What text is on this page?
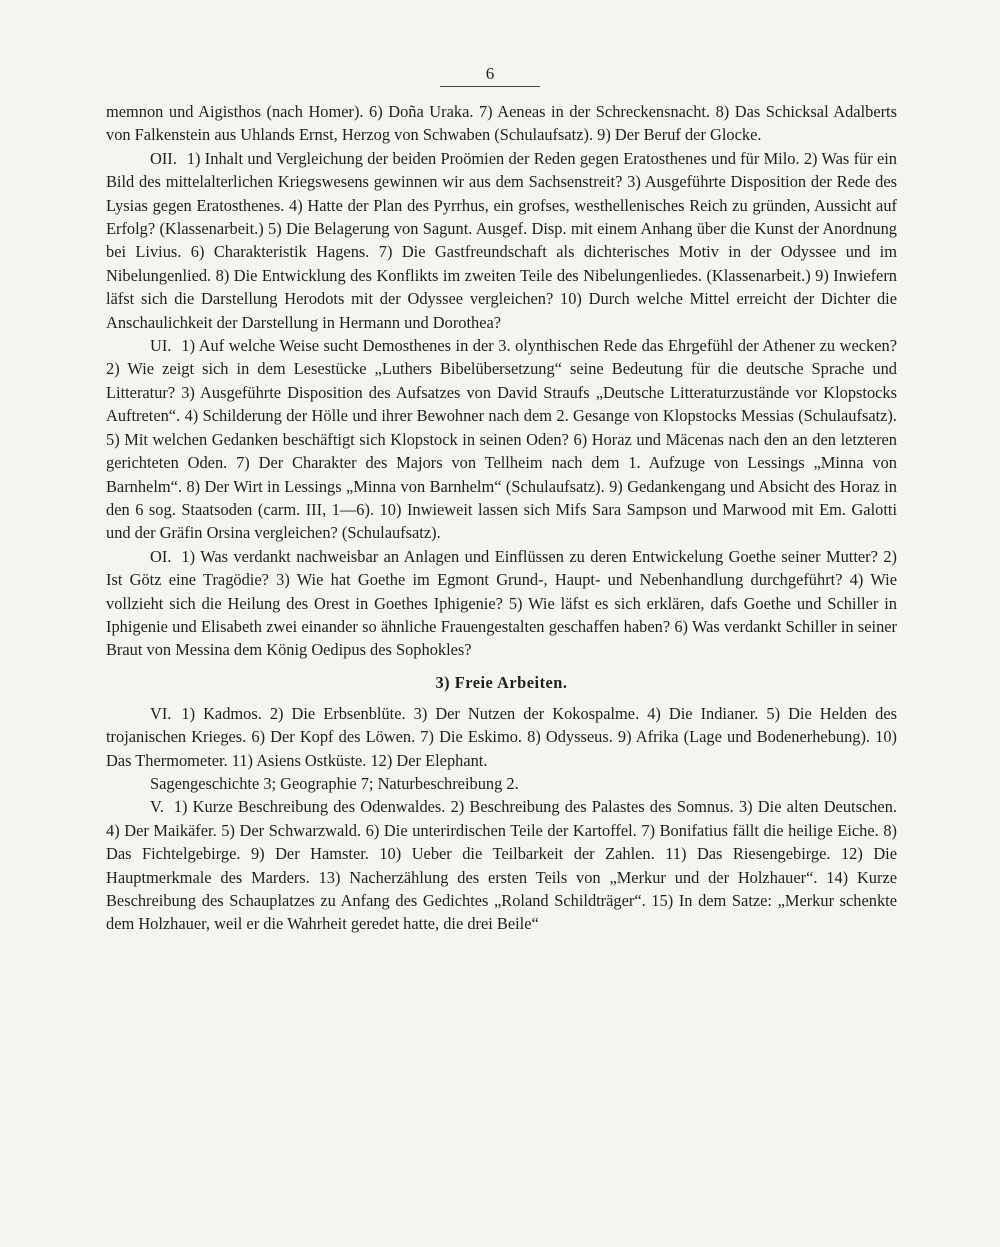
6

memnon und Aigisthos (nach Homer). 6) Doña Uraka. 7) Aeneas in der Schreckensnacht. 8) Das Schicksal Adalberts von Falkenstein aus Uhlands Ernst, Herzog von Schwaben (Schulaufsatz). 9) Der Beruf der Glocke.

OII. 1) Inhalt und Vergleichung der beiden Proömien der Reden gegen Eratosthenes und für Milo. 2) Was für ein Bild des mittelalterlichen Kriegswesens gewinnen wir aus dem Sachsenstreit? 3) Ausgeführte Disposition der Rede des Lysias gegen Eratosthenes. 4) Hatte der Plan des Pyrrhus, ein grofses, westhellenisches Reich zu gründen, Aussicht auf Erfolg? (Klassenarbeit.) 5) Die Belagerung von Sagunt. Ausgef. Disp. mit einem Anhang über die Kunst der Anordnung bei Livius. 6) Charakteristik Hagens. 7) Die Gastfreundschaft als dichterisches Motiv in der Odyssee und im Nibelungenlied. 8) Die Entwicklung des Konflikts im zweiten Teile des Nibelungenliedes. (Klassenarbeit.) 9) Inwiefern läfst sich die Darstellung Herodots mit der Odyssee vergleichen? 10) Durch welche Mittel erreicht der Dichter die Anschaulichkeit der Darstellung in Hermann und Dorothea?

UI. 1) Auf welche Weise sucht Demosthenes in der 3. olynthischen Rede das Ehrgefühl der Athener zu wecken? 2) Wie zeigt sich in dem Lesestücke „Luthers Bibelübersetzung“ seine Bedeutung für die deutsche Sprache und Litteratur? 3) Ausgeführte Disposition des Aufsatzes von David Straufs „Deutsche Litteraturzustände vor Klopstocks Auftreten“. 4) Schilderung der Hölle und ihrer Bewohner nach dem 2. Gesange von Klopstocks Messias (Schulaufsatz). 5) Mit welchen Gedanken beschäftigt sich Klopstock in seinen Oden? 6) Horaz und Mäcenas nach den an den letzteren gerichteten Oden. 7) Der Charakter des Majors von Tellheim nach dem 1. Aufzuge von Lessings „Minna von Barnhelm“. 8) Der Wirt in Lessings „Minna von Barnhelm“ (Schulaufsatz). 9) Gedankengang und Absicht des Horaz in den 6 sog. Staatsoden (carm. III, 1—6). 10) Inwieweit lassen sich Mifs Sara Sampson und Marwood mit Em. Galotti und der Gräfin Orsina vergleichen? (Schulaufsatz).

OI. 1) Was verdankt nachweisbar an Anlagen und Einflüssen zu deren Entwickelung Goethe seiner Mutter? 2) Ist Götz eine Tragödie? 3) Wie hat Goethe im Egmont Grund-, Haupt- und Nebenhandlung durchgeführt? 4) Wie vollzieht sich die Heilung des Orest in Goethes Iphigenie? 5) Wie läfst es sich erklären, dafs Goethe und Schiller in Iphigenie und Elisabeth zwei einander so ähnliche Frauengestalten geschaffen haben? 6) Was verdankt Schiller in seiner Braut von Messina dem König Oedipus des Sophokles?

3) Freie Arbeiten.

VI. 1) Kadmos. 2) Die Erbsenblüte. 3) Der Nutzen der Kokospalme. 4) Die Indianer. 5) Die Helden des trojanischen Krieges. 6) Der Kopf des Löwen. 7) Die Eskimo. 8) Odysseus. 9) Afrika (Lage und Bodenerhebung). 10) Das Thermometer. 11) Asiens Ostküste. 12) Der Elephant.

Sagengeschichte 3; Geographie 7; Naturbeschreibung 2.

V. 1) Kurze Beschreibung des Odenwaldes. 2) Beschreibung des Palastes des Somnus. 3) Die alten Deutschen. 4) Der Maikäfer. 5) Der Schwarzwald. 6) Die unterirdischen Teile der Kartoffel. 7) Bonifatius fällt die heilige Eiche. 8) Das Fichtelgebirge. 9) Der Hamster. 10) Ueber die Teilbarkeit der Zahlen. 11) Das Riesengebirge. 12) Die Hauptmerkmale des Marders. 13) Nacherzählung des ersten Teils von „Merkur und der Holzhauer“. 14) Kurze Beschreibung des Schauplatzes zu Anfang des Gedichtes „Roland Schildträger“. 15) In dem Satze: „Merkur schenkte dem Holzhauer, weil er die Wahrheit geredet hatte, die drei Beile“
